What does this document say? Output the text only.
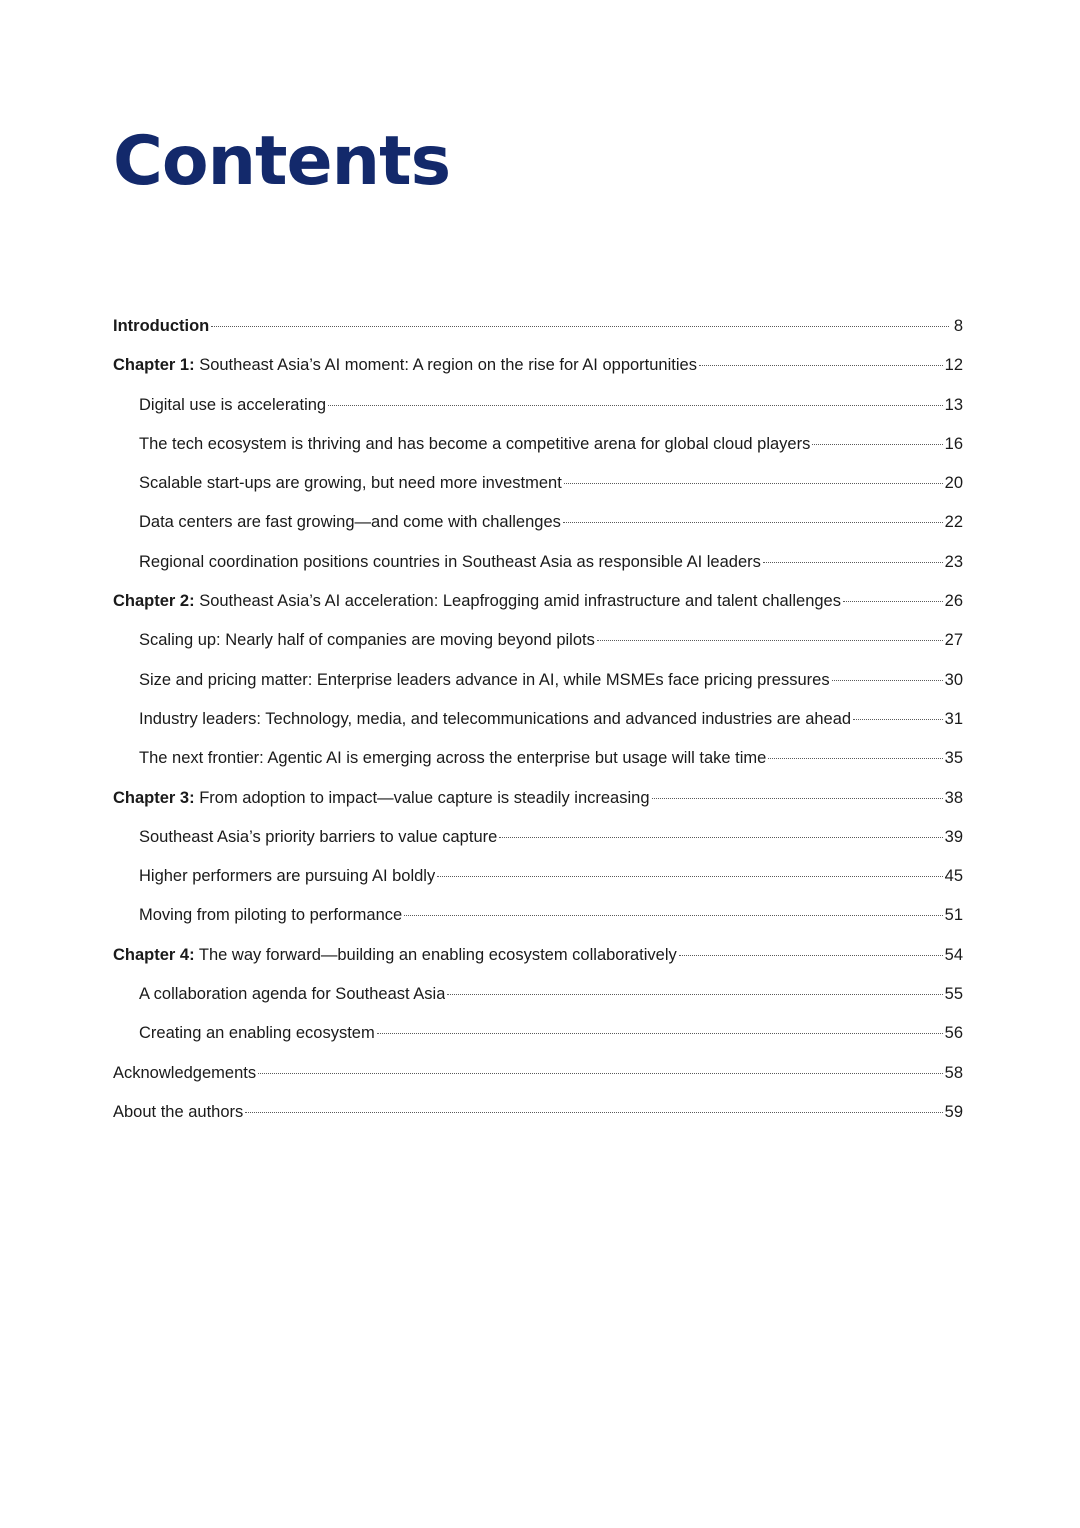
Contents
Introduction	8
Chapter 1: Southeast Asia’s AI moment: A region on the rise for AI opportunities	12
Digital use is accelerating	13
The tech ecosystem is thriving and has become a competitive arena for global cloud players	16
Scalable start-ups are growing, but need more investment	20
Data centers are fast growing—and come with challenges	22
Regional coordination positions countries in Southeast Asia as responsible AI leaders	23
Chapter 2: Southeast Asia’s AI acceleration: Leapfrogging amid infrastructure and talent challenges	26
Scaling up: Nearly half of companies are moving beyond pilots	27
Size and pricing matter: Enterprise leaders advance in AI, while MSMEs face pricing pressures	30
Industry leaders: Technology, media, and telecommunications and advanced industries are ahead	31
The next frontier: Agentic AI is emerging across the enterprise but usage will take time	35
Chapter 3: From adoption to impact—value capture is steadily increasing	38
Southeast Asia’s priority barriers to value capture	39
Higher performers are pursuing AI boldly	45
Moving from piloting to performance	51
Chapter 4: The way forward—building an enabling ecosystem collaboratively	54
A collaboration agenda for Southeast Asia	55
Creating an enabling ecosystem	56
Acknowledgements	58
About the authors	59
